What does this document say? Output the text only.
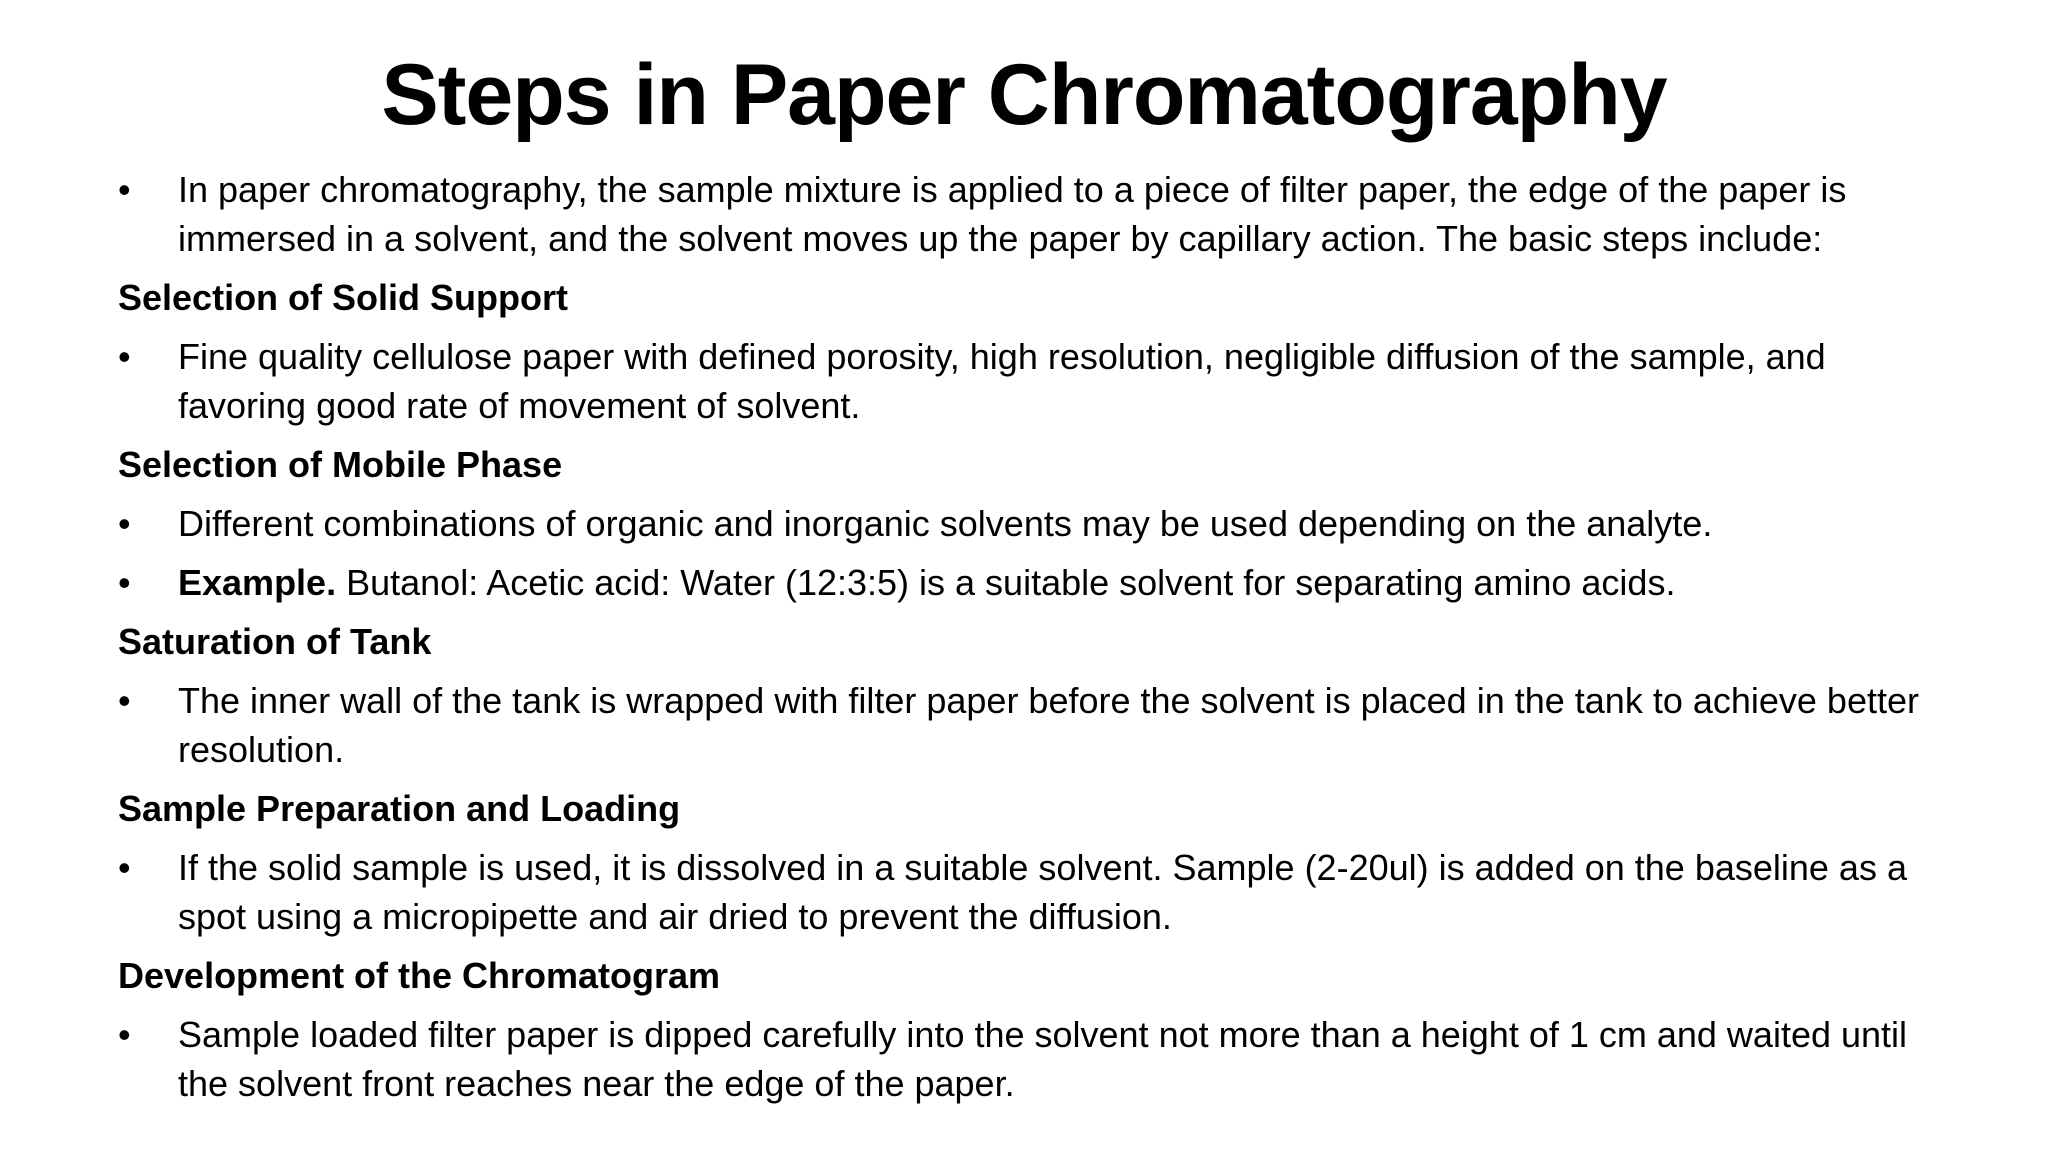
Steps in Paper Chromatography
•	In paper chromatography, the sample mixture is applied to a piece of filter paper, the edge of the paper is immersed in a solvent, and the solvent moves up the paper by capillary action. The basic steps include:
Selection of Solid Support
•	Fine quality cellulose paper with defined porosity, high resolution, negligible diffusion of the sample, and favoring good rate of movement of solvent.
Selection of Mobile Phase
•	Different combinations of organic and inorganic solvents may be used depending on the analyte.
•	Example. Butanol: Acetic acid: Water (12:3:5) is a suitable solvent for separating amino acids.
Saturation of Tank
•	The inner wall of the tank is wrapped with filter paper before the solvent is placed in the tank to achieve better resolution.
Sample Preparation and Loading
•	If the solid sample is used, it is dissolved in a suitable solvent. Sample (2-20ul) is added on the baseline as a spot using a micropipette and air dried to prevent the diffusion.
Development of the Chromatogram
•	Sample loaded filter paper is dipped carefully into the solvent not more than a height of 1 cm and waited until the solvent front reaches near the edge of the paper.
